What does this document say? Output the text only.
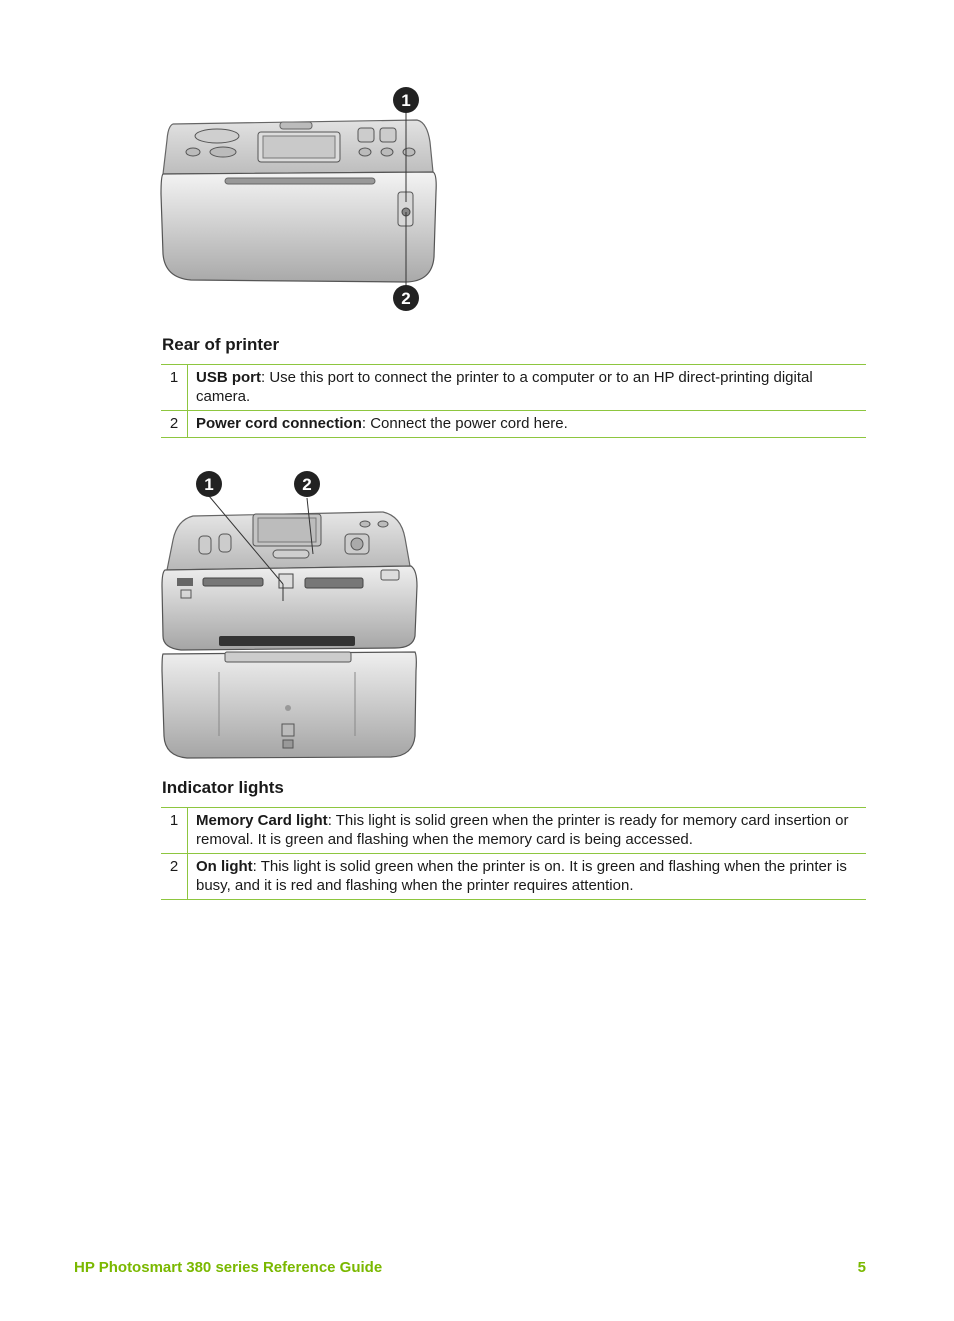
1
2
Rear of printer
1	USB port: Use this port to connect the printer to a computer or to an HP direct-printing digital camera.
2	Power cord connection: Connect the power cord here.
1	2
Indicator lights
1	Memory Card light: This light is solid green when the printer is ready for memory card insertion or removal. It is green and flashing when the memory card is being accessed.
2	On light: This light is solid green when the printer is on. It is green and flashing when the printer is busy, and it is red and flashing when the printer requires attention.
HP Photosmart 380 series Reference Guide	5
